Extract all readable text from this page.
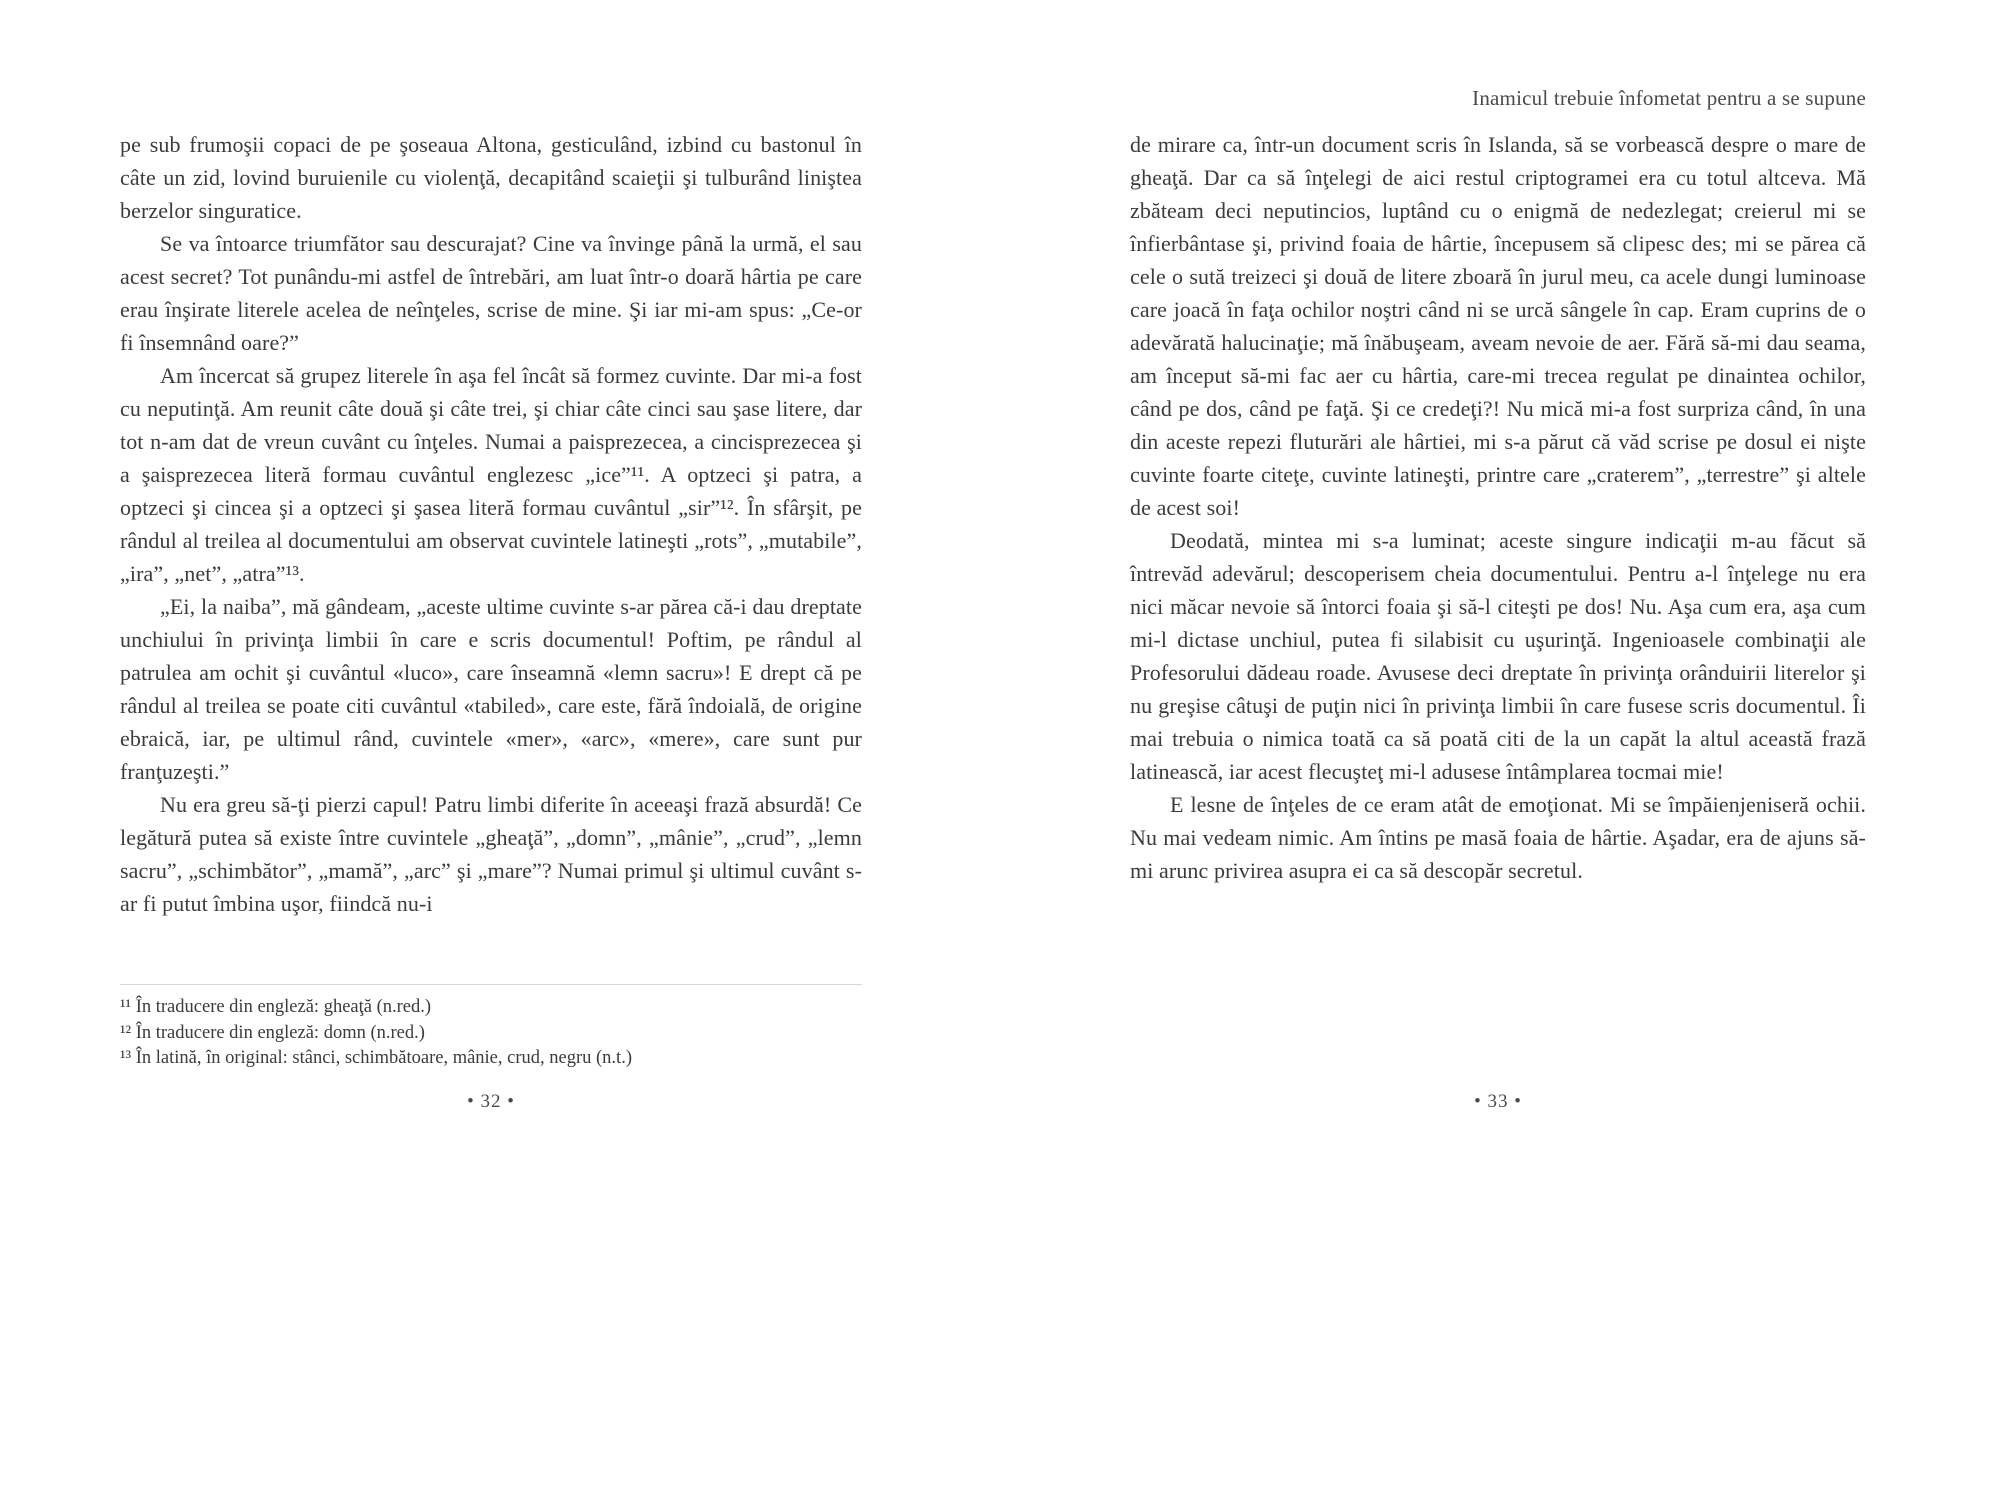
pe sub frumoşii copaci de pe şoseaua Altona, gesticulând, izbind cu bastonul în câte un zid, lovind buruienile cu violenţă, decapitând scaieţii şi tulburând liniştea berzelor singuratice.

Se va întoarce triumfător sau descurajat? Cine va învinge până la urmă, el sau acest secret? Tot punându-mi astfel de întrebări, am luat într-o doară hârtia pe care erau înşirate literele acelea de neînţeles, scrise de mine. Şi iar mi-am spus: „Ce-or fi însemnând oare?”

Am încercat să grupez literele în aşa fel încât să formez cuvinte. Dar mi-a fost cu neputinţă. Am reunit câte două şi câte trei, şi chiar câte cinci sau şase litere, dar tot n-am dat de vreun cuvânt cu înţeles. Numai a paisprezecea, a cincisprezecea şi a şaisprezecea literă formau cuvântul englezesc „ice”¹¹. A optzeci şi patra, a optzeci şi cincea şi a optzeci şi şasea literă formau cuvântul „sir”¹². În sfârşit, pe rândul al treilea al documentului am observat cuvintele latineşti „rots”, „mutabile”, „ira”, „net”, „atra”¹³.

„Ei, la naiba”, mă gândeam, „aceste ultime cuvinte s-ar părea că-i dau dreptate unchiului în privinţa limbii în care e scris documentul! Poftim, pe rândul al patrulea am ochit şi cuvântul «luco», care înseamnă «lemn sacru»! E drept că pe rândul al treilea se poate citi cuvântul «tabiled», care este, fără îndoială, de origine ebraică, iar, pe ultimul rând, cuvintele «mer», «arc», «mere», care sunt pur franţuzeşti.”

Nu era greu să-ţi pierzi capul! Patru limbi diferite în aceeaşi frază absurdă! Ce legătură putea să existe între cuvintele „gheaţă”, „domn”, „mânie”, „crud”, „lemn sacru”, „schimbător”, „mamă”, „arc” şi „mare”? Numai primul şi ultimul cuvânt s-ar fi putut îmbina uşor, fiindcă nu-i

¹¹ În traducere din engleză: gheaţă (n.red.)

¹² În traducere din engleză: domn (n.red.)

¹³ În latină, în original: stânci, schimbătoare, mânie, crud, negru (n.t.)

• 32 •
Inamicul trebuie înfometat pentru a se supune

de mirare ca, într-un document scris în Islanda, să se vorbească despre o mare de gheaţă. Dar ca să înţelegi de aici restul criptogramei era cu totul altceva. Mă zbăteam deci neputincios, luptând cu o enigmă de nedezlegat; creierul mi se înfierbântase şi, privind foaia de hârtie, începusem să clipesc des; mi se părea că cele o sută treizeci şi două de litere zboară în jurul meu, ca acele dungi luminoase care joacă în faţa ochilor noştri când ni se urcă sângele în cap. Eram cuprins de o adevărată halucinaţie; mă înăbuşeam, aveam nevoie de aer. Fără să-mi dau seama, am început să-mi fac aer cu hârtia, care-mi trecea regulat pe dinaintea ochilor, când pe dos, când pe faţă. Şi ce credeţi?! Nu mică mi-a fost surpriza când, în una din aceste repezi fluturări ale hârtiei, mi s-a părut că văd scrise pe dosul ei nişte cuvinte foarte citeţe, cuvinte latineşti, printre care „craterem”, „terrestre” şi altele de acest soi!

Deodată, mintea mi s-a luminat; aceste singure indicaţii m-au făcut să întrevăd adevărul; descoperisem cheia documentului. Pentru a-l înţelege nu era nici măcar nevoie să întorci foaia şi să-l citeşti pe dos! Nu. Aşa cum era, aşa cum mi-l dictase unchiul, putea fi silabisit cu uşurinţă. Ingenioasele combinaţii ale Profesorului dădeau roade. Avusese deci dreptate în privinţa orânduirii literelor şi nu greşise câtuşi de puţin nici în privinţa limbii în care fusese scris documentul. Îi mai trebuia o nimica toată ca să poată citi de la un capăt la altul această frază latinească, iar acest flecuşteţ mi-l adusese întâmplarea tocmai mie!

E lesne de înţeles de ce eram atât de emoţionat. Mi se împăienjeniseră ochii. Nu mai vedeam nimic. Am întins pe masă foaia de hârtie. Aşadar, era de ajuns să-mi arunc privirea asupra ei ca să descopăr secretul.

• 33 •
